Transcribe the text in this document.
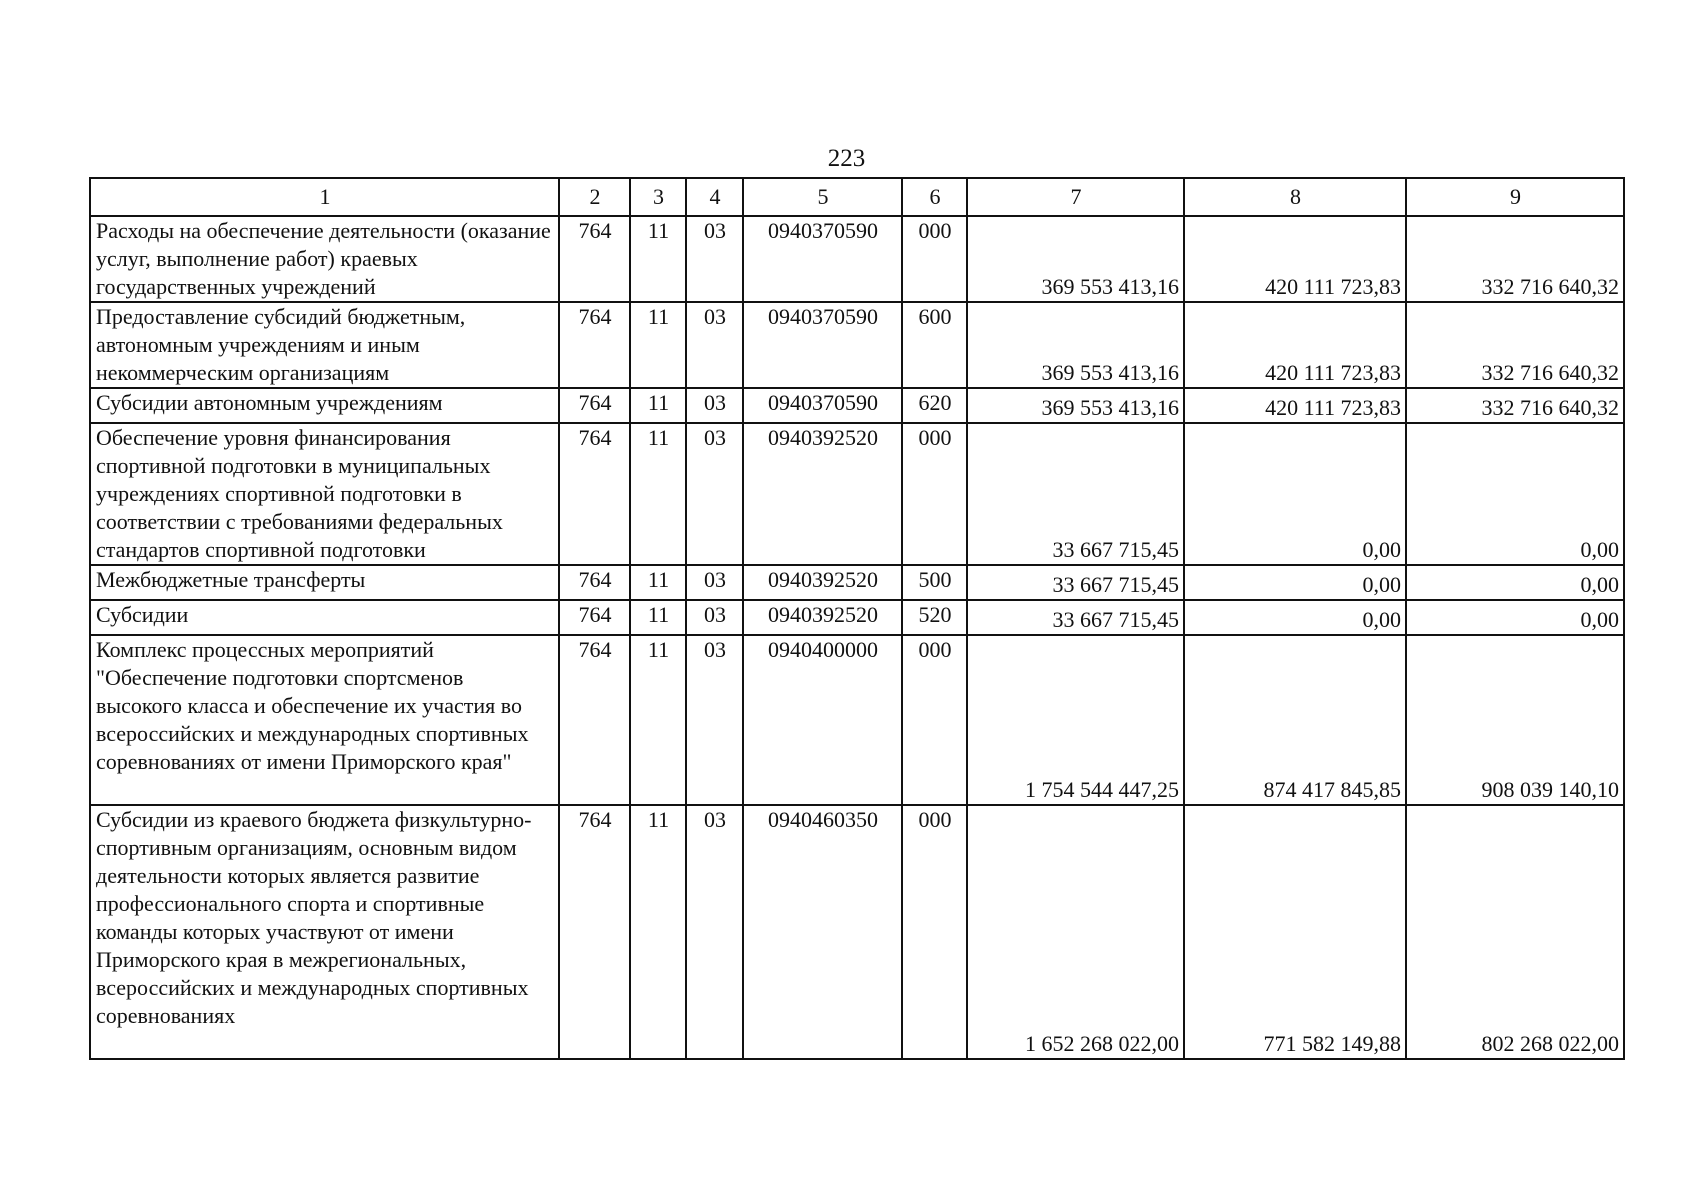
223
1	2	3	4	5	6	7	8	9
Расходы на обеспечение деятельности (оказание услуг, выполнение работ) краевых государственных учреждений	764	11	03	0940370590	000	369 553 413,16	420 111 723,83	332 716 640,32
Предоставление субсидий бюджетным, автономным учреждениям и иным некоммерческим организациям	764	11	03	0940370590	600	369 553 413,16	420 111 723,83	332 716 640,32
Субсидии автономным учреждениям	764	11	03	0940370590	620	369 553 413,16	420 111 723,83	332 716 640,32
Обеспечение уровня финансирования спортивной подготовки в муниципальных учреждениях спортивной подготовки в соответствии с требованиями федеральных стандартов спортивной подготовки	764	11	03	0940392520	000	33 667 715,45	0,00	0,00
Межбюджетные трансферты	764	11	03	0940392520	500	33 667 715,45	0,00	0,00
Субсидии	764	11	03	0940392520	520	33 667 715,45	0,00	0,00
Комплекс процессных мероприятий "Обеспечение подготовки спортсменов высокого класса и обеспечение их участия во всероссийских и международных спортивных соревнованиях от имени Приморского края"	764	11	03	0940400000	000	1 754 544 447,25	874 417 845,85	908 039 140,10
Субсидии из краевого бюджета физкультурно-спортивным организациям, основным видом деятельности которых является развитие профессионального спорта и спортивные команды которых участвуют от имени Приморского края в межрегиональных, всероссийских и международных спортивных соревнованиях	764	11	03	0940460350	000	1 652 268 022,00	771 582 149,88	802 268 022,00
